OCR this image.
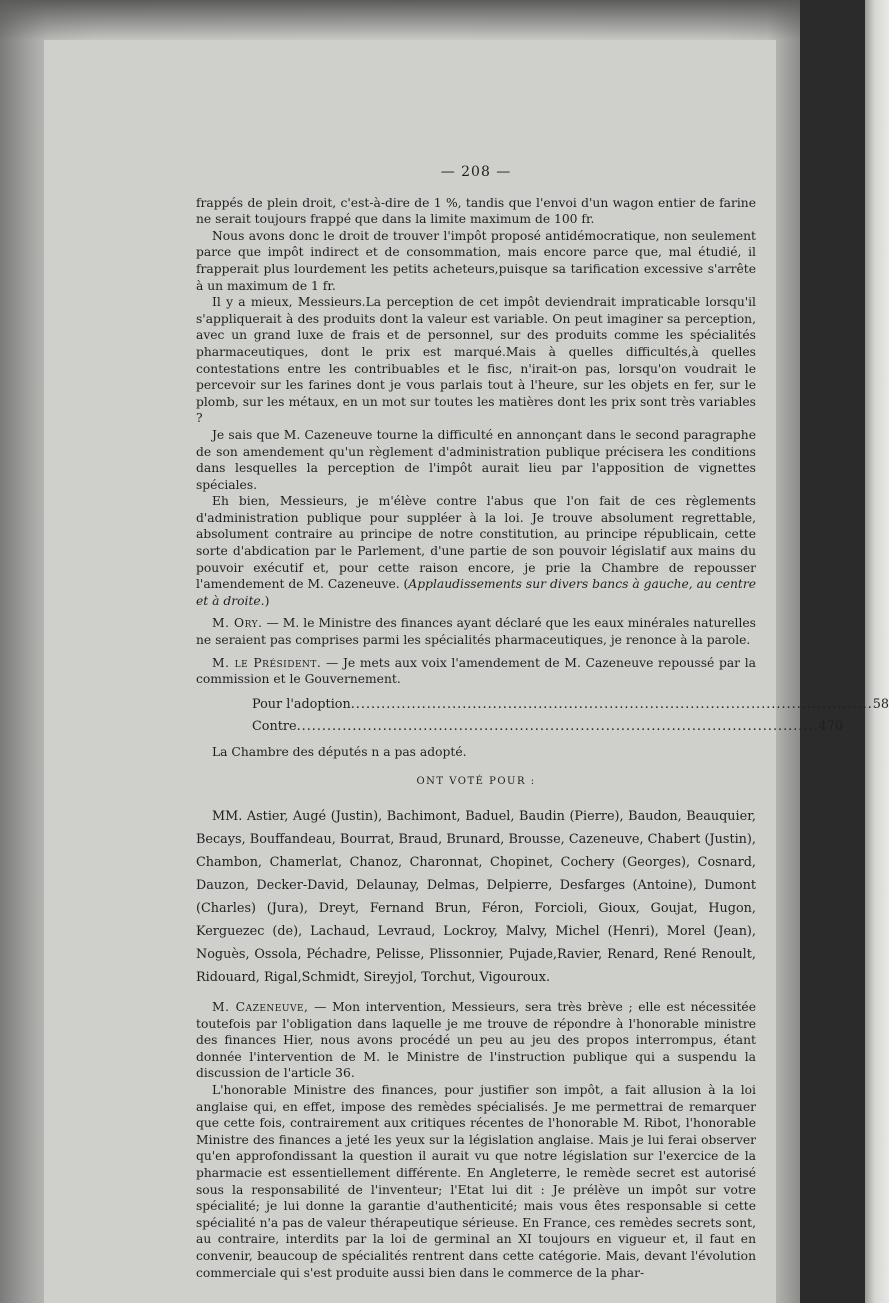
— 208 —

frappés de plein droit, c'est-à-dire de 1 %, tandis que l'envoi d'un wagon entier de farine ne serait toujours frappé que dans la limite maximum de 100 fr.

Nous avons donc le droit de trouver l'impôt proposé antidémocratique, non seulement parce que impôt indirect et de consommation, mais encore parce que, mal étudié, il frapperait plus lourdement les petits acheteurs,puisque sa tarification excessive s'arrête à un maximum de 1 fr.

Il y a mieux, Messieurs.La perception de cet impôt deviendrait impraticable lorsqu'il s'appliquerait à des produits dont la valeur est variable. On peut imaginer sa perception, avec un grand luxe de frais et de personnel, sur des produits comme les spécialités pharmaceutiques, dont le prix est marqué.Mais à quelles difficultés,à quelles contestations entre les contribuables et le fisc, n'irait-on pas, lorsqu'on voudrait le percevoir sur les farines dont je vous parlais tout à l'heure, sur les objets en fer, sur le plomb, sur les métaux, en un mot sur toutes les matières dont les prix sont très variables ?

Je sais que M. Cazeneuve tourne la difficulté en annonçant dans le second paragraphe de son amendement qu'un règlement d'administration publique précisera les conditions dans lesquelles la perception de l'impôt aurait lieu par l'apposition de vignettes spéciales.

Eh bien, Messieurs, je m'élève contre l'abus que l'on fait de ces règlements d'administration publique pour suppléer à la loi. Je trouve absolument regrettable, absolument contraire au principe de notre constitution, au principe républicain, cette sorte d'abdication par le Parlement, d'une partie de son pouvoir législatif aux mains du pouvoir exécutif et, pour cette raison encore, je prie la Chambre de repousser l'amendement de M. Cazeneuve. (Applaudissements sur divers bancs à gauche, au centre et à droite.)

M. Ory. — M. le Ministre des finances ayant déclaré que les eaux minérales naturelles ne seraient pas comprises parmi les spécialités pharmaceutiques, je renonce à la parole.

M. le Président. — Je mets aux voix l'amendement de M. Cazeneuve repoussé par la commission et le Gouvernement.

Pour l'adoption ....................................................................................................... 58
Contre ....................................................................................................... 470

La Chambre des députés n a pas adopté.

ONT VOTÉ POUR :

MM. Astier, Augé (Justin), Bachimont, Baduel, Baudin (Pierre), Baudon, Beauquier, Becays, Bouffandeau, Bourrat, Braud, Brunard, Brousse, Cazeneuve, Chabert (Justin), Chambon, Chamerlat, Chanoz, Charonnat, Chopinet, Cochery (Georges), Cosnard, Dauzon, Decker-David, Delaunay, Delmas, Delpierre, Desfarges (Antoine), Dumont (Charles) (Jura), Dreyt, Fernand Brun, Féron, Forcioli, Gioux, Goujat, Hugon, Kerguezec (de), Lachaud, Levraud, Lockroy, Malvy, Michel (Henri), Morel (Jean), Noguès, Ossola, Péchadre, Pelisse, Plissonnier, Pujade,Ravier, Renard, René Renoult, Ridouard, Rigal,Schmidt, Sireyjol, Torchut, Vigouroux.

M. Cazeneuve, — Mon intervention, Messieurs, sera très brève ; elle est nécessitée toutefois par l'obligation dans laquelle je me trouve de répondre à l'honorable ministre des finances Hier, nous avons procédé un peu au jeu des propos interrompus, étant donnée l'intervention de M. le Ministre de l'instruction publique qui a suspendu la discussion de l'article 36.

L'honorable Ministre des finances, pour justifier son impôt, a fait allusion à la loi anglaise qui, en effet, impose des remèdes spécialisés. Je me permettrai de remarquer que cette fois, contrairement aux critiques récentes de l'honorable M. Ribot, l'honorable Ministre des finances a jeté les yeux sur la législation anglaise. Mais je lui ferai observer qu'en approfondissant la question il aurait vu que notre législation sur l'exercice de la pharmacie est essentiellement différente. En Angleterre, le remède secret est autorisé sous la responsabilité de l'inventeur; l'Etat lui dit : Je prélève un impôt sur votre spécialité; je lui donne la garantie d'authenticité; mais vous êtes responsable si cette spécialité n'a pas de valeur thérapeutique sérieuse. En France, ces remèdes secrets sont, au contraire, interdits par la loi de germinal an XI toujours en vigueur et, il faut en convenir, beaucoup de spécialités rentrent dans cette catégorie. Mais, devant l'évolution commerciale qui s'est produite aussi bien dans le commerce de la phar-
